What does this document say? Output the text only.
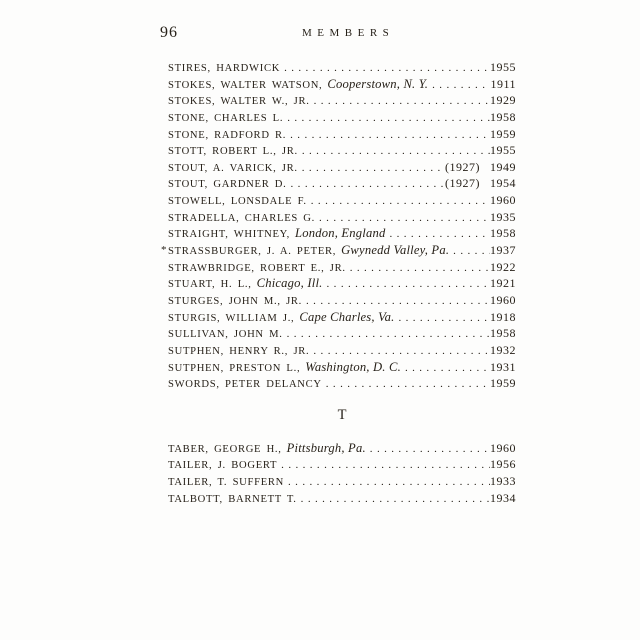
96	MEMBERS
STIRES, HARDWICK .....	1955
STOKES, WALTER WATSON, Cooperstown, N. Y. .....	1911
STOKES, WALTER W., JR. .....	1929
STONE, CHARLES L. .....	1958
STONE, RADFORD R. .....	1959
STOTT, ROBERT L., JR. .....	1955
STOUT, A. VARICK, JR. .....	(1927) 1949
STOUT, GARDNER D. .....	(1927) 1954
STOWELL, LONSDALE F. .....	1960
STRADELLA, CHARLES G. .....	1935
STRAIGHT, WHITNEY, London, England .....	1958
* STRASSBURGER, J. A. PETER, Gwynedd Valley, Pa. .....	1937
STRAWBRIDGE, ROBERT E., JR. .....	1922
STUART, H. L., Chicago, Ill. .....	1921
STURGES, JOHN M., JR. .....	1960
STURGIS, WILLIAM J., Cape Charles, Va. .....	1918
SULLIVAN, JOHN M. .....	1958
SUTPHEN, HENRY R., JR. .....	1932
SUTPHEN, PRESTON L., Washington, D. C. .....	1931
SWORDS, PETER DELANCY .....	1959
T
TABER, GEORGE H., Pittsburgh, Pa. .....	1960
TAILER, J. BOGERT .....	1956
TAILER, T. SUFFERN .....	1933
TALBOTT, BARNETT T. .....	1934
